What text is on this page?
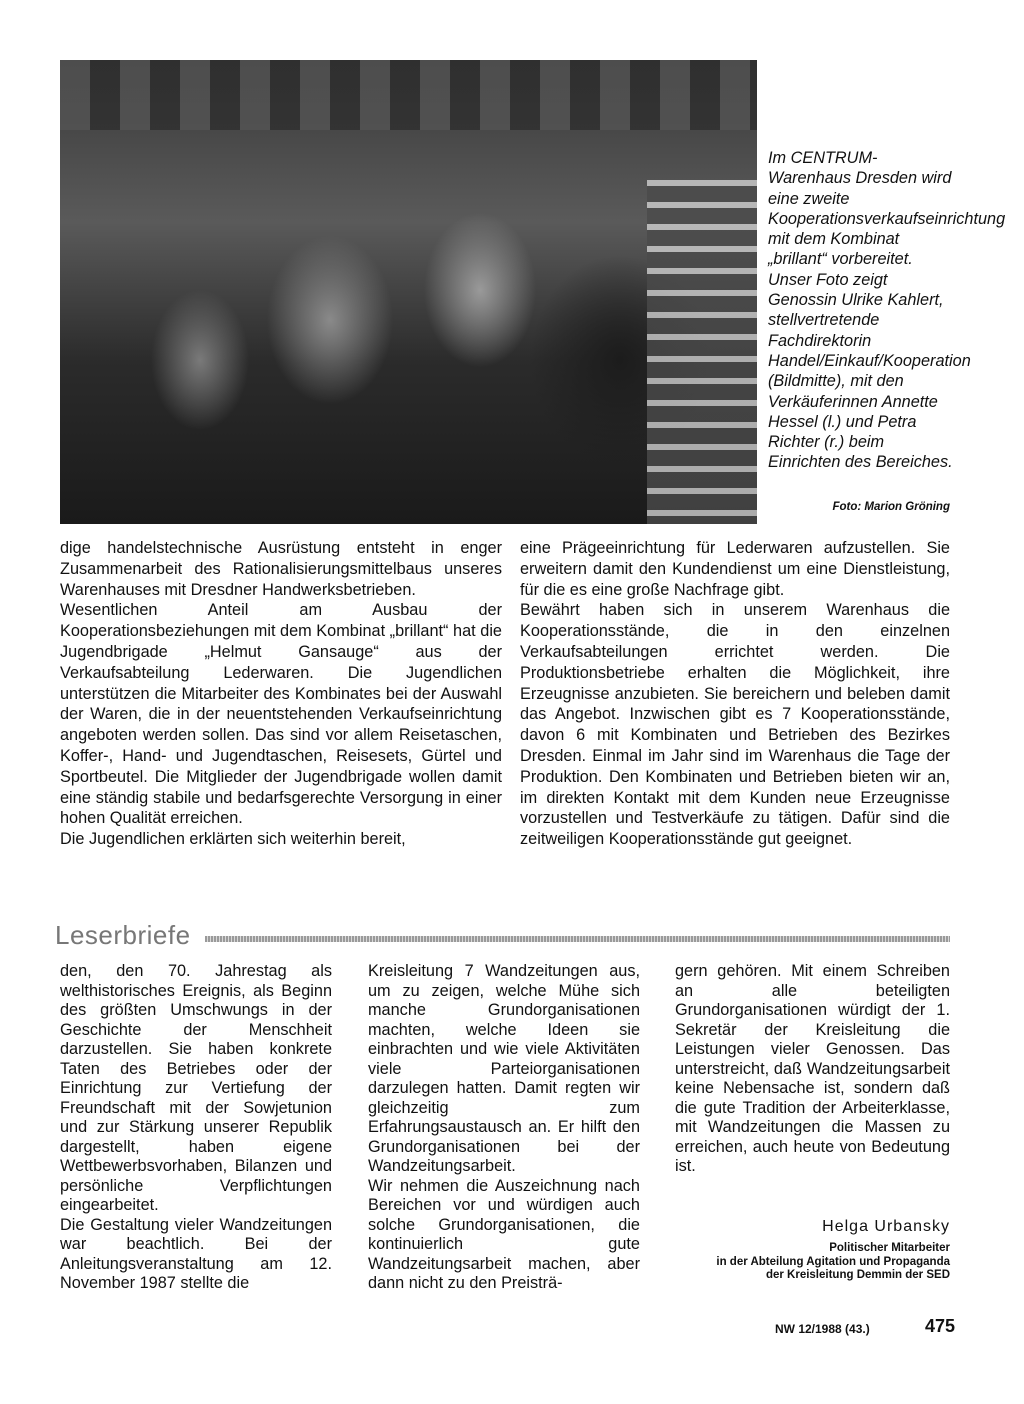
Im CENTRUM-Warenhaus Dresden wird eine zweite Kooperationsverkaufseinrichtung mit dem Kombinat „brillant“ vorbereitet. Unser Foto zeigt Genossin Ulrike Kahlert, stellvertretende Fachdirektorin Handel/Einkauf/Kooperation (Bildmitte), mit den Verkäuferinnen Annette Hessel (l.) und Petra Richter (r.) beim Einrichten des Bereiches.
Foto: Marion Gröning

dige handelstechnische Ausrüstung entsteht in enger Zusammenarbeit des Rationalisierungsmittelbaus unseres Warenhauses mit Dresdner Handwerksbetrieben.

Wesentlichen Anteil am Ausbau der Kooperationsbeziehungen mit dem Kombinat „brillant“ hat die Jugendbrigade „Helmut Gansauge“ aus der Verkaufsabteilung Lederwaren. Die Jugendlichen unterstützen die Mitarbeiter des Kombinates bei der Auswahl der Waren, die in der neuentstehenden Verkaufseinrichtung angeboten werden sollen. Das sind vor allem Reisetaschen, Koffer-, Hand- und Jugendtaschen, Reisesets, Gürtel und Sportbeutel. Die Mitglieder der Jugendbrigade wollen damit eine ständig stabile und bedarfsgerechte Versorgung in einer hohen Qualität erreichen.

Die Jugendlichen erklärten sich weiterhin bereit,

eine Prägeeinrichtung für Lederwaren aufzustellen. Sie erweitern damit den Kundendienst um eine Dienstleistung, für die es eine große Nachfrage gibt.

Bewährt haben sich in unserem Warenhaus die Kooperationsstände, die in den einzelnen Verkaufsabteilungen errichtet werden. Die Produktionsbetriebe erhalten die Möglichkeit, ihre Erzeugnisse anzubieten. Sie bereichern und beleben damit das Angebot. Inzwischen gibt es 7 Kooperationsstände, davon 6 mit Kombinaten und Betrieben des Bezirkes Dresden. Einmal im Jahr sind im Warenhaus die Tage der Produktion. Den Kombinaten und Betrieben bieten wir an, im direkten Kontakt mit dem Kunden neue Erzeugnisse vorzustellen und Testverkäufe zu tätigen. Dafür sind die zeitweiligen Kooperationsstände gut geeignet.

Leserbriefe

den, den 70. Jahrestag als welthistorisches Ereignis, als Beginn des größten Umschwungs in der Geschichte der Menschheit darzustellen. Sie haben konkrete Taten des Betriebes oder der Einrichtung zur Vertiefung der Freundschaft mit der Sowjetunion und zur Stärkung unserer Republik dargestellt, haben eigene Wettbewerbsvorhaben, Bilanzen und persönliche Verpflichtungen eingearbeitet.

Die Gestaltung vieler Wandzeitungen war beachtlich. Bei der Anleitungsveranstaltung am 12. November 1987 stellte die

Kreisleitung 7 Wandzeitungen aus, um zu zeigen, welche Mühe sich manche Grundorganisationen machten, welche Ideen sie einbrachten und wie viele Aktivitäten viele Parteiorganisationen darzulegen hatten. Damit regten wir gleichzeitig zum Erfahrungsaustausch an. Er hilft den Grundorganisationen bei der Wandzeitungsarbeit.

Wir nehmen die Auszeichnung nach Bereichen vor und würdigen auch solche Grundorganisationen, die kontinuierlich gute Wandzeitungsarbeit machen, aber dann nicht zu den Preisträ-

gern gehören. Mit einem Schreiben an alle beteiligten Grundorganisationen würdigt der 1. Sekretär der Kreisleitung die Leistungen vieler Genossen. Das unterstreicht, daß Wandzeitungsarbeit keine Nebensache ist, sondern daß die gute Tradition der Arbeiterklasse, mit Wandzeitungen die Massen zu erreichen, auch heute von Bedeutung ist.

Helga Urbansky
Politischer Mitarbeiter
in der Abteilung Agitation und Propaganda
der Kreisleitung Demmin der SED
NW 12/1988 (43.)	475
